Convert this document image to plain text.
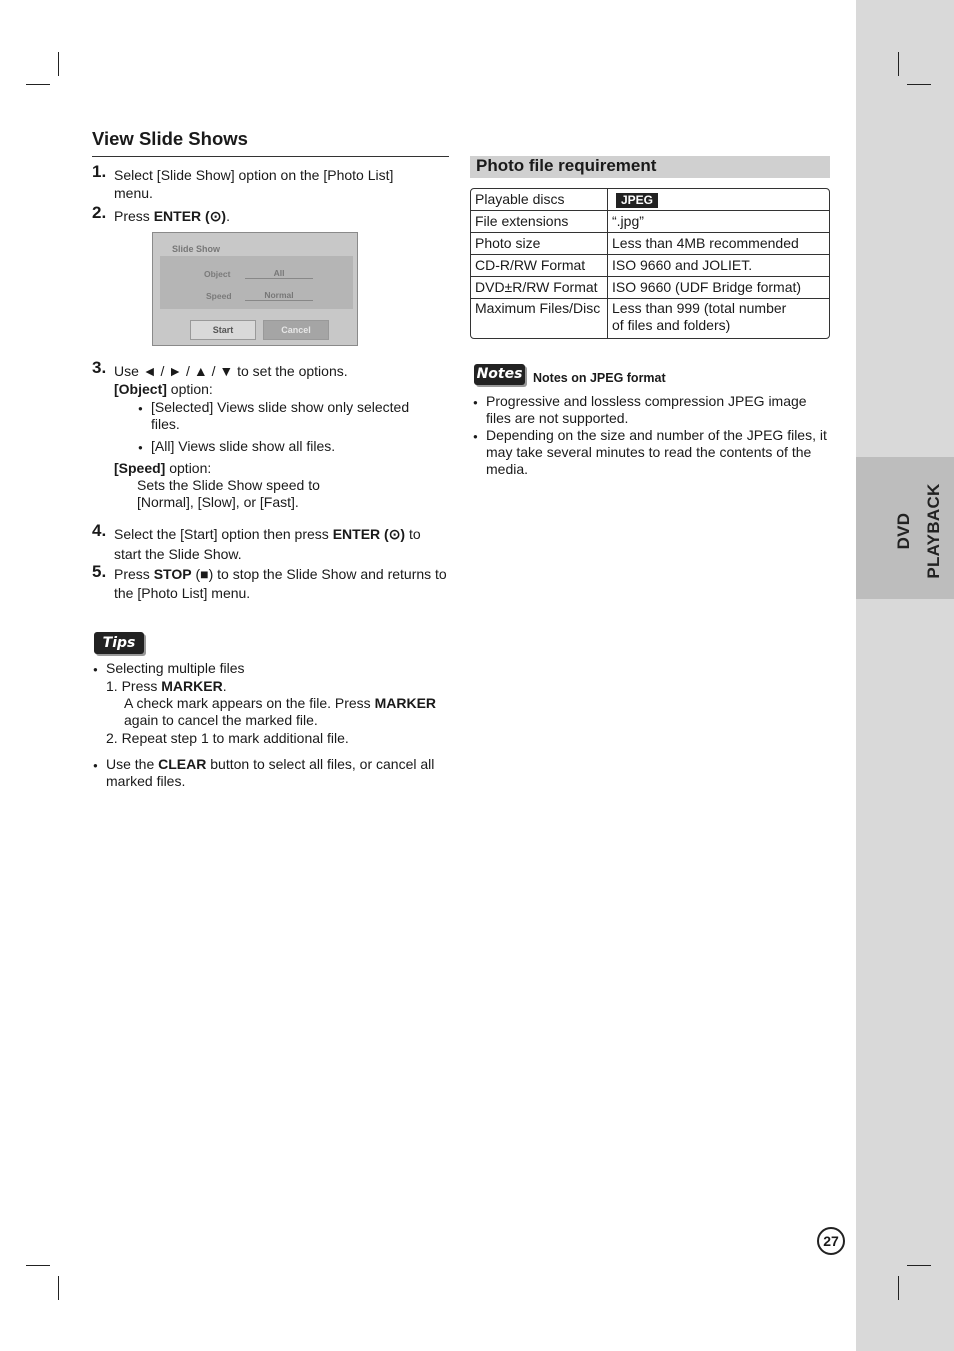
DVD PLAYBACK
View Slide Shows
1. Select [Slide Show] option on the [Photo List] menu.
2. Press ENTER (⊙).
Slide Show
Object	All
Speed	Normal
Start	Cancel
3. Use ◄ / ► / ▲ / ▼ to set the options.
[Object] option:
● [Selected] Views slide show only selected files.
● [All] Views slide show all files.
[Speed] option:
Sets the Slide Show speed to
[Normal], [Slow], or [Fast].
4. Select the [Start] option then press ENTER (⊙) to start the Slide Show.
5. Press STOP (■) to stop the Slide Show and returns to the [Photo List] menu.
Tips
● Selecting multiple files
1. Press MARKER.
A check mark appears on the file. Press MARKER
again to cancel the marked file.
2. Repeat step 1 to mark additional file.
● Use the CLEAR button to select all files, or cancel all marked files.
Photo file requirement
Playable discs	JPEG
File extensions	“.jpg”
Photo size	Less than 4MB recommended
CD-R/RW Format	ISO 9660 and JOLIET.
DVD±R/RW Format	ISO 9660 (UDF Bridge format)
Maximum Files/Disc	Less than 999 (total number
of files and folders)
Notes Notes on JPEG format
● Progressive and lossless compression JPEG image files are not supported.
● Depending on the size and number of the JPEG files, it may take several minutes to read the contents of the media.
27
